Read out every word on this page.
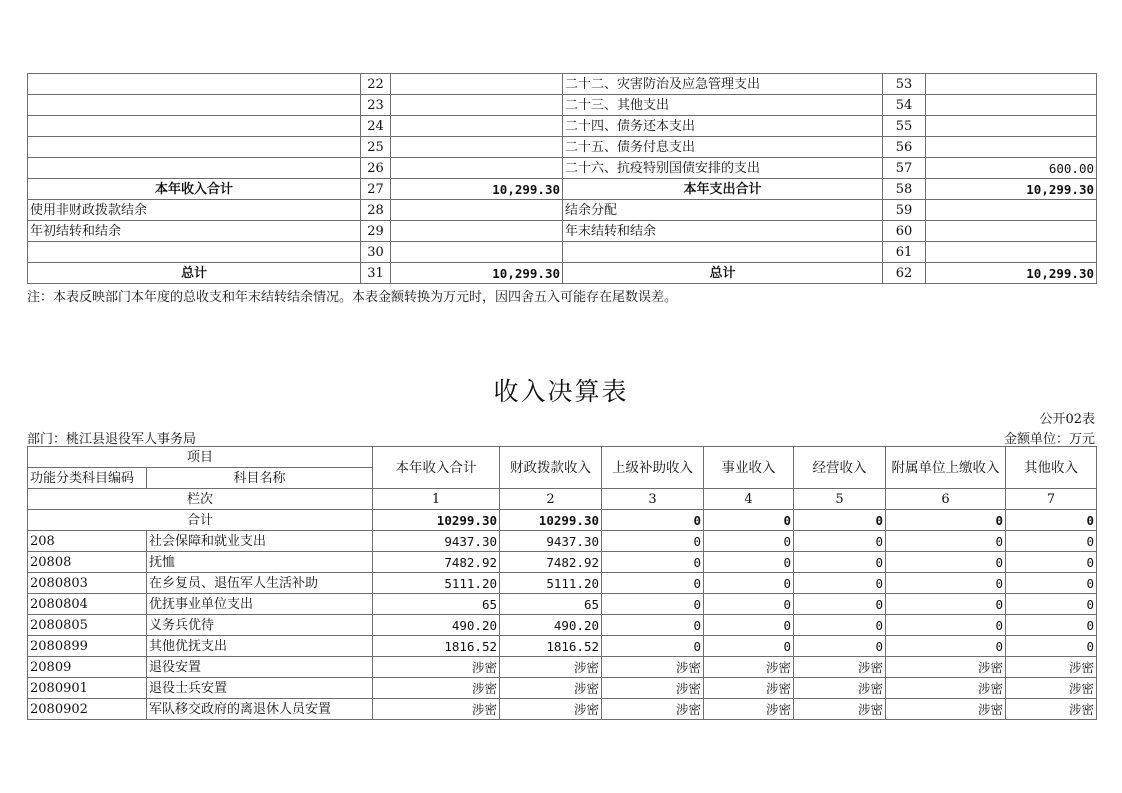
	22		二十二、灾害防治及应急管理支出	53	
	23		二十三、其他支出	54	
	24		二十四、债务还本支出	55	
	25		二十五、债务付息支出	56	
	26		二十六、抗疫特别国债安排的支出	57	600.00
本年收入合计	27	10,299.30	本年支出合计	58	10,299.30
使用非财政拨款结余	28		结余分配	59	
年初结转和结余	29		年末结转和结余	60	
	30			61	
总计	31	10,299.30	总计	62	10,299.30
注：本表反映部门本年度的总收支和年末结转结余情况。本表金额转换为万元时，因四舍五入可能存在尾数误差。
收入决算表
公开02表
部门：桃江县退役军人事务局	金额单位：万元
项目		本年收入合计	财政拨款收入	上级补助收入	事业收入	经营收入	附属单位上缴收入	其他收入
功能分类科目编码	科目名称							
栏次		1	2	3	4	5	6	7
合计		10299.30	10299.30	0	0	0	0	0
208	社会保障和就业支出	9437.30	9437.30	0	0	0	0	0
20808	抚恤	7482.92	7482.92	0	0	0	0	0
2080803	在乡复员、退伍军人生活补助	5111.20	5111.20	0	0	0	0	0
2080804	优抚事业单位支出	65	65	0	0	0	0	0
2080805	义务兵优待	490.20	490.20	0	0	0	0	0
2080899	其他优抚支出	1816.52	1816.52	0	0	0	0	0
20809	退役安置	涉密	涉密	涉密	涉密	涉密	涉密	涉密
2080901	退役士兵安置	涉密	涉密	涉密	涉密	涉密	涉密	涉密
2080902	军队移交政府的离退休人员安置	涉密	涉密	涉密	涉密	涉密	涉密	涉密
